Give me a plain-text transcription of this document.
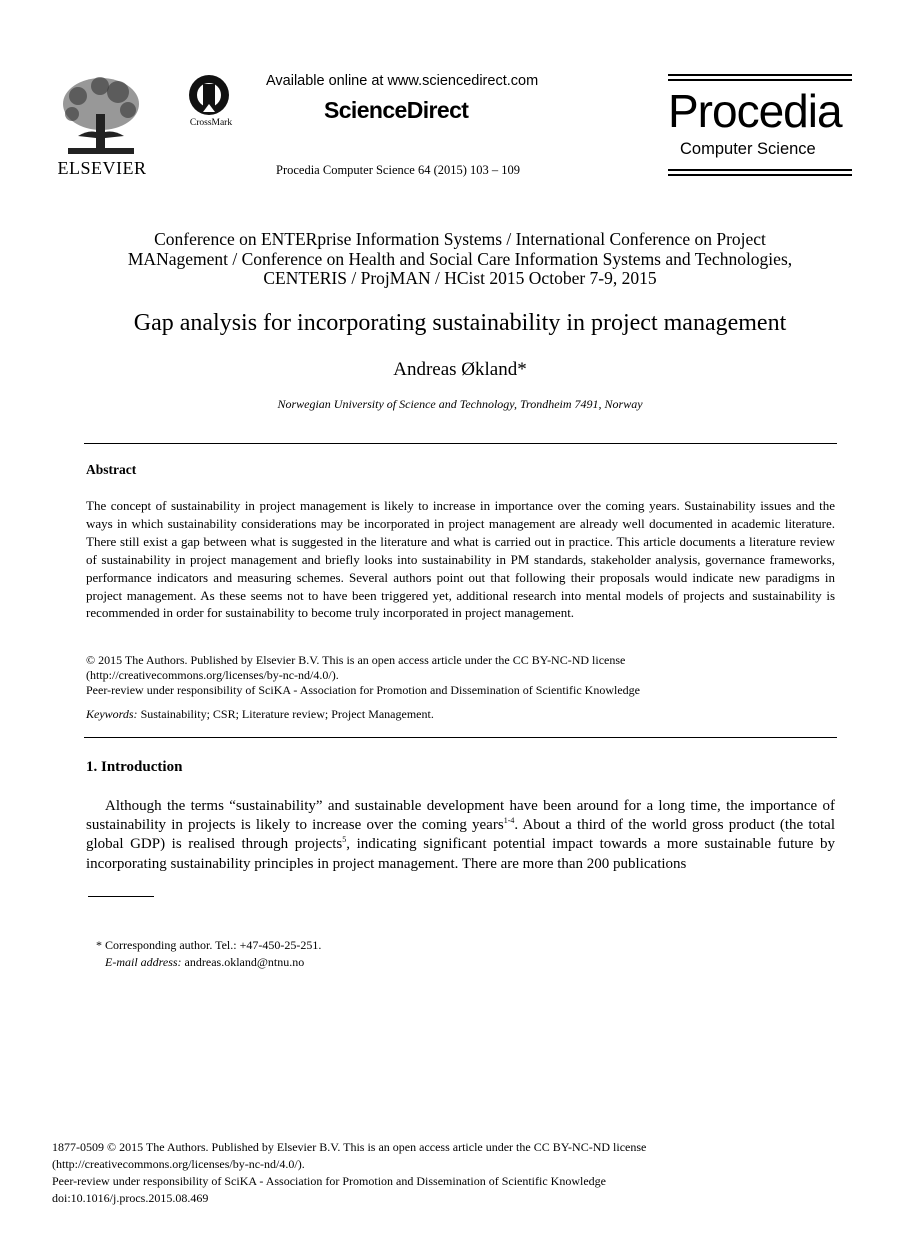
ELSEVIER
CrossMark
Available online at www.sciencedirect.com
ScienceDirect
Procedia Computer Science 64 (2015) 103 – 109
Procedia
Computer Science
Conference on ENTERprise Information Systems / International Conference on Project
MANagement / Conference on Health and Social Care Information Systems and Technologies,
CENTERIS / ProjMAN / HCist 2015 October 7-9, 2015
Gap analysis for incorporating sustainability in project management
Andreas Økland*
Norwegian University of Science and Technology, Trondheim 7491, Norway
Abstract
The concept of sustainability in project management is likely to increase in importance over the coming years. Sustainability issues and the ways in which sustainability considerations may be incorporated in project management are already well documented in academic literature. There still exist a gap between what is suggested in the literature and what is carried out in practice. This article documents a literature review of sustainability in project management and briefly looks into sustainability in PM standards, stakeholder analysis, governance frameworks, performance indicators and measuring schemes. Several authors point out that following their proposals would indicate new paradigms in project management. As these seems not to have been triggered yet, additional research into mental models of projects and sustainability is recommended in order for sustainability to become truly incorporated in project management.
© 2015 The Authors. Published by Elsevier B.V. This is an open access article under the CC BY-NC-ND license
(http://creativecommons.org/licenses/by-nc-nd/4.0/).
Peer-review under responsibility of SciKA - Association for Promotion and Dissemination of Scientific Knowledge
Keywords: Sustainability; CSR; Literature review; Project Management.
1. Introduction
Although the terms “sustainability” and sustainable development have been around for a long time, the importance of sustainability in projects is likely to increase over the coming years$^{1-4}$. About a third of the world gross product (the total global GDP) is realised through projects$^5$, indicating significant potential impact towards a more sustainable future by incorporating sustainability principles in project management. There are more than 200 publications
* Corresponding author. Tel.: +47-450-25-251.
E-mail address: andreas.okland@ntnu.no
1877-0509 © 2015 The Authors. Published by Elsevier B.V. This is an open access article under the CC BY-NC-ND license
(http://creativecommons.org/licenses/by-nc-nd/4.0/).
Peer-review under responsibility of SciKA - Association for Promotion and Dissemination of Scientific Knowledge
doi:10.1016/j.procs.2015.08.469
